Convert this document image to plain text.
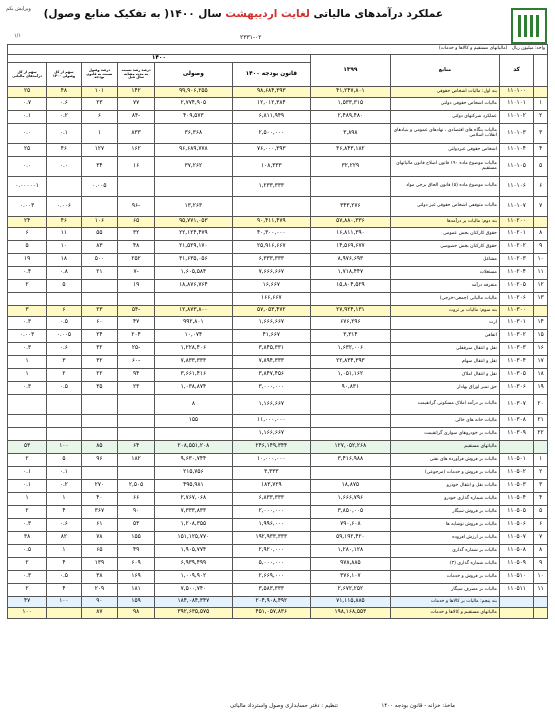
عملکرد درآمدهای مالیاتی لغایت اردیبهشت سال ۱۴۰۰( به تفکیک منابع وصول)
ویرایش یکم
۱/۱	۲۳۳۱-۰۲
واحد: میلیون ریال   (مالیاتهای مستقیم و کالاها و خدمات)									
	کد	منابع	۱۳۹۹	۱۴۰۰					
				قانون بودجه ۱۴۰۰	وصولی	درصد رشد نسبت به مدت مشابه سال قبل	درصد وصول نسبت به قانون بودجه	سهم از کل وصولی ۱۴۰۰	سهم از کل درآمدهای مالیاتی
	۱۱۰۱۰۰	بند اول: مالیات اشخاص حقوقی	۴۱,۲۴۷,۸۰۱	۹۸,۶۸۴,۳۹۳	۹۹,۹۰۶,۲۵۵	۱۴۲	۱۰۱	۴۸	۲۵
۱	۱۱۰۱۰۱	مالیات اشخاص حقوقی دولتی	۱,۵۳۳,۳۱۵	۱۲,۰۱۲,۳۸۴	۲,۷۷۴,۹۰۵	۷۷	۲۳	۰.۶	۰.۷
۲	۱۱۰۱۰۲	عملکرد شرکتهای دولتی	۲,۴۸۹,۴۸۰	۶,۸۱۱,۹۴۹	۴۰۹,۵۷۳	-۸۴	۶	۰.۲	۰.۱
۳	۱۱۰۱۰۳	مالیات بنگاه های اقتصادی ، نهادهای عمومی و بنیادهای انقلاب اسلامی	۳,۸۹۸	۲,۵۰۰,۰۰۰	۳۶,۳۶۸	۸۳۳	۱	۰.۱	۰.۰
۴	۱۱۰۱۰۴	اشخاص حقوقی غیردولتی	۳۶,۸۴۳,۱۸۲	۷۶,۰۰۰,۳۹۳	۹۶,۶۸۹,۷۷۸	۱۶۲	۱۲۷	۴۶	۲۵
۵	۱۱۰۱۰۵	مالیات موضوع ماده ۱۹۰ قانون اصلاح قانون مالیاتهای مستقیم	۳۲,۲۲۹	۱۰۸,۳۳۳	۳۷,۲۶۲	۱۶	۳۴	۰.۰	۰.۰
۶	۱۱۰۱۰۶	مالیات موضوع ماده (۵) قانون الحاق برخی مواد		۱,۲۳۳,۳۳۳			۰.۰۰۵		۰.۰۰۰۰۰۱
۷	۱۱۰۱۰۷	مالیات متوقفی اشخاص حقوقی غیر دولتی	۳۴۳,۲۷۶		۱۳,۲۶۳	-۹۶		۰.۰۰۶	۰.۰۰۳
	۱۱۰۲۰۰	بند دوم: مالیات بر درآمدها	۵۷,۸۸۰,۳۳۶	۹۰,۴۱۱,۴۷۹	۹۵,۷۷۱,۰۵۳	۶۵	۱۰۶	۴۶	۲۴
۸	۱۱۰۲۰۱	حقوق کارکنان بخش عمومی	۱۶,۸۱۱,۳۹۰	۴۰,۳۰۰,۰۰۰	۲۲,۱۲۴,۴۷۹	۳۲	۵۵	۱۱	۶
۹	۱۱۰۲۰۲	حقوق کارکنان بخش خصوصی	۱۴,۵۶۹,۶۷۷	۲۵,۹۱۶,۶۶۷	۲۱,۵۲۹,۱۷۰	۴۸	۸۳	۱۰	۵
۱۰	۱۱۰۲۰۳	مشاغل	۸,۹۷۶,۶۹۳	۶,۳۳۳,۳۳۳	۳۱,۶۳۵,۰۵۶	۲۵۲	۵۰۰	۱۸	۱۹
۱۱	۱۱۰۲۰۴	مستغلات	۱,۷۱۸,۴۴۷	۷,۶۶۶,۶۶۷	۱,۶۰۵,۵۸۴	-۷	۲۱	۰.۸	۰.۴
۱۲	۱۱۰۲۰۵	متفرقه درآمد	۱۵,۸۰۴,۵۲۹	۱۶,۶۶۷	۱۸,۸۷۶,۷۶۴	۱۹		۵	۲
۱۳	۱۱۰۲۰۶	مالیات مالیاتی (جمعی-خرجی)		۱۶۶,۶۶۷					
	۱۱۰۳۰۰	بند سوم: مالیات بر ثروت	۲۷,۹۲۴,۱۳۱	۵۷,۰۵۳,۴۷۲	۱۲,۸۷۳,۸۰۰	-۵۴	۲۳	۶	۳
۱۴	۱۱۰۳۰۱	ارث	۶۷۶,۲۹۶	۱,۶۶۶,۶۶۷	۹۹۲,۸۰۱	۴۷	۶۰	۰.۵	۰.۳
۱۵	۱۱۰۳۰۲	اتفاقی	۳,۳۱۴	۴۱,۶۶۷	۱۰,۰۷۴	۲۰۴	۲۴	۰.۰۰۵	۰.۰۰۳
۱۶	۱۱۰۳۰۳	نقل و انتقال سرقفلی	۱,۶۳۲,۰۰۶	۳,۸۴۵,۳۳۱	۱,۲۲۸,۴۰۶	-۲۵	۳۲	۰.۶	۰.۳
۱۷	۱۱۰۳۰۴	نقل و انتقال سهام	۲۲,۸۳۴,۳۹۳	۷,۸۹۴,۳۳۳	۷,۸۳۳,۳۳۳	-۶۰	۳۲	۳	۱
۱۸	۱۱۰۳۰۵	نقل و انتقال املاک	۱,۰۵۱,۱۶۲	۳,۸۴۷,۴۵۶	۳,۶۶۱,۴۱۶	۹۴	۲۲	۲	۱
۱۹	۱۱۰۳۰۶	حق تمبر اوراق بهادار	۹۰,۸۳۱	۳,۰۰۰,۰۰۰	۱,۰۳۸,۸۷۴	۲۳	۳۵	۰.۵	۰.۳
۲۰	۱۱۰۳۰۷	مالیات بر درآمد املاک مسکونی گرانقیمت		۱,۱۶۶,۶۶۷	۸				
۲۱	۱۱۰۳۰۸	مالیات خانه های خالی		۱۱,۰۰۰,۰۰۰	۱۵۵				
۲۲	۱۱۰۳۰۹	مالیات بر خودروهای سواری گرانقیمت		۱,۱۶۶,۶۶۷					
		مالیاتهای مستقیم	۱۲۷,۰۵۲,۲۶۸	۲۴۶,۱۴۹,۳۴۴	۲۰۸,۵۵۱,۲۰۸	۶۴	۸۵	۱۰۰	۵۳
۱	۱۱۰۵۰۱	مالیات بر فروش فرآورده های نفتی	۳,۴۱۶,۹۸۸	۱۰,۰۰۰,۰۰۰	۹,۶۳۰,۷۴۴	۱۸۲	۹۶	۵	۲
۲	۱۱۰۵۰۲	مالیات بر فروش و خدمات (مرجوعی)		۳,۳۳۳	۲۱۵,۷۵۶			۰.۱	۰.۱
۳	۱۱۰۵۰۳	مالیات نقل و انتقال خودرو	۱۸,۸۷۵	۱۸۳,۷۲۹	۴۹۵,۹۸۱	۲,۵۰۵	۲۷۰	۰.۲	۰.۱
۴	۱۱۰۵۰۴	مالیات شماره گذاری خودرو	۱,۶۶۶,۷۹۶	۶,۸۳۳,۳۳۳	۲,۷۶۷,۰۶۸	۶۶	۴۰	۱	۱
۵	۱۱۰۵۰۵	مالیات بر فروش سیگار	۳,۸۵۰,۰۰۵	۲,۰۰۰,۰۰۰	۷,۳۳۳,۸۳۳	۹۰	۳۶۷	۴	۲
۶	۱۱۰۵۰۶	مالیات بر فروش نوشابه ها	۷۹۰,۶۰۸	۱,۹۹۶,۰۰۰	۱,۲۰۸,۳۵۵	۵۳	۶۱	۰.۶	۰.۳
۷	۱۱۰۵۰۷	مالیات بر ارزش افزوده	۵۹,۱۹۲,۴۲۰	۱۹۲,۹۳۳,۳۳۳	۱۵۱,۱۲۵,۷۷۰	۱۵۵	۷۸	۸۲	۳۸
۸	۱۱۰۵۰۸	مالیات بر شماره گذاری	۱,۲۸۰,۱۲۸	۲,۹۲۰,۰۰۰	۱,۹۰۵,۷۷۴	۴۹	۶۵	۱	۰.۵
۹	۱۱۰۵۰۹	مالیات شماره گذاری (۳)	۹۷۸,۸۸۵	۵,۰۰۰,۰۰۰	۶,۹۳۹,۴۹۹	۶۰۹	۱۳۹	۴	۲
۱۰	۱۱۰۵۱۰	مالیات بر فروش و خدمات	۳۷۶,۱۰۷	۲,۶۶۹,۰۰۰	۱,۰۰۹,۹۰۲	۱۶۹	۳۸	۰.۵	۰.۳
۱۱	۱۱۰۵۱۱	مالیات بر مصرف سیگار	۲,۶۷۲,۲۵۲	۳,۵۸۳,۳۳۳	۷,۵۰۰,۷۴۰	۱۸۱	۲۰۹	۴	۲
		بند پنجم: مالیات بر کالاها و خدمات	۷۱,۱۱۵,۸۸۵	۲۰۴,۹۰۸,۴۹۲	۱۸۴,۰۸۴,۳۴۷	۱۵۹	۹۰	۱۰۰	۴۷
		مالیاتهای مستقیم و کالاها و خدمات	۱۹۸,۱۶۸,۵۵۳	۴۵۱,۰۵۷,۸۳۶	۳۹۲,۶۳۵,۵۷۵	۹۸	۸۷		۱۰۰
ماخذ: خزانه - قانون بودجه ۱۴۰۰
تنظیم : دفتر حسابداری وصول واسترداد مالیاتی
